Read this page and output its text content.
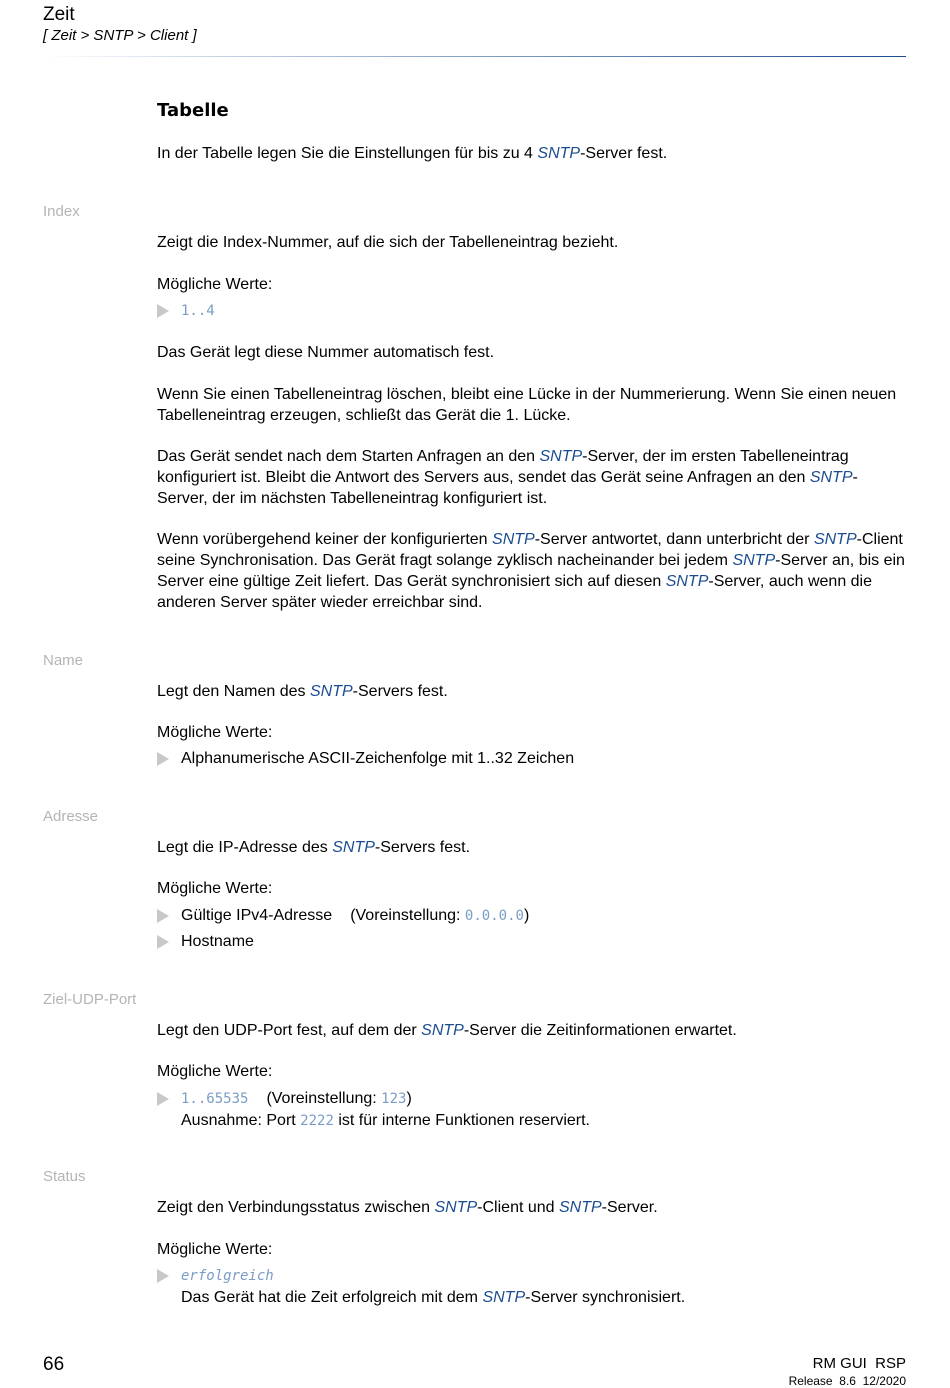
Zeit
[ Zeit > SNTP > Client ]
Tabelle
In der Tabelle legen Sie die Einstellungen für bis zu 4 SNTP-Server fest.
Index
Zeigt die Index-Nummer, auf die sich der Tabelleneintrag bezieht.
Mögliche Werte:
1..4
Das Gerät legt diese Nummer automatisch fest.
Wenn Sie einen Tabelleneintrag löschen, bleibt eine Lücke in der Nummerierung. Wenn Sie einen neuen Tabelleneintrag erzeugen, schließt das Gerät die 1. Lücke.
Das Gerät sendet nach dem Starten Anfragen an den SNTP-Server, der im ersten Tabelleneintrag konfiguriert ist. Bleibt die Antwort des Servers aus, sendet das Gerät seine Anfragen an den SNTP-Server, der im nächsten Tabelleneintrag konfiguriert ist.
Wenn vorübergehend keiner der konfigurierten SNTP-Server antwortet, dann unterbricht der SNTP-Client seine Synchronisation. Das Gerät fragt solange zyklisch nacheinander bei jedem SNTP-Server an, bis ein Server eine gültige Zeit liefert. Das Gerät synchronisiert sich auf diesen SNTP-Server, auch wenn die anderen Server später wieder erreichbar sind.
Name
Legt den Namen des SNTP-Servers fest.
Mögliche Werte:
Alphanumerische ASCII-Zeichenfolge mit 1..32 Zeichen
Adresse
Legt die IP-Adresse des SNTP-Servers fest.
Mögliche Werte:
Gültige IPv4-Adresse (Voreinstellung: 0.0.0.0)
Hostname
Ziel-UDP-Port
Legt den UDP-Port fest, auf dem der SNTP-Server die Zeitinformationen erwartet.
Mögliche Werte:
1..65535 (Voreinstellung: 123)
Ausnahme: Port 2222 ist für interne Funktionen reserviert.
Status
Zeigt den Verbindungsstatus zwischen SNTP-Client und SNTP-Server.
Mögliche Werte:
erfolgreich
Das Gerät hat die Zeit erfolgreich mit dem SNTP-Server synchronisiert.
66	RM GUI  RSP
Release  8.6  12/2020
